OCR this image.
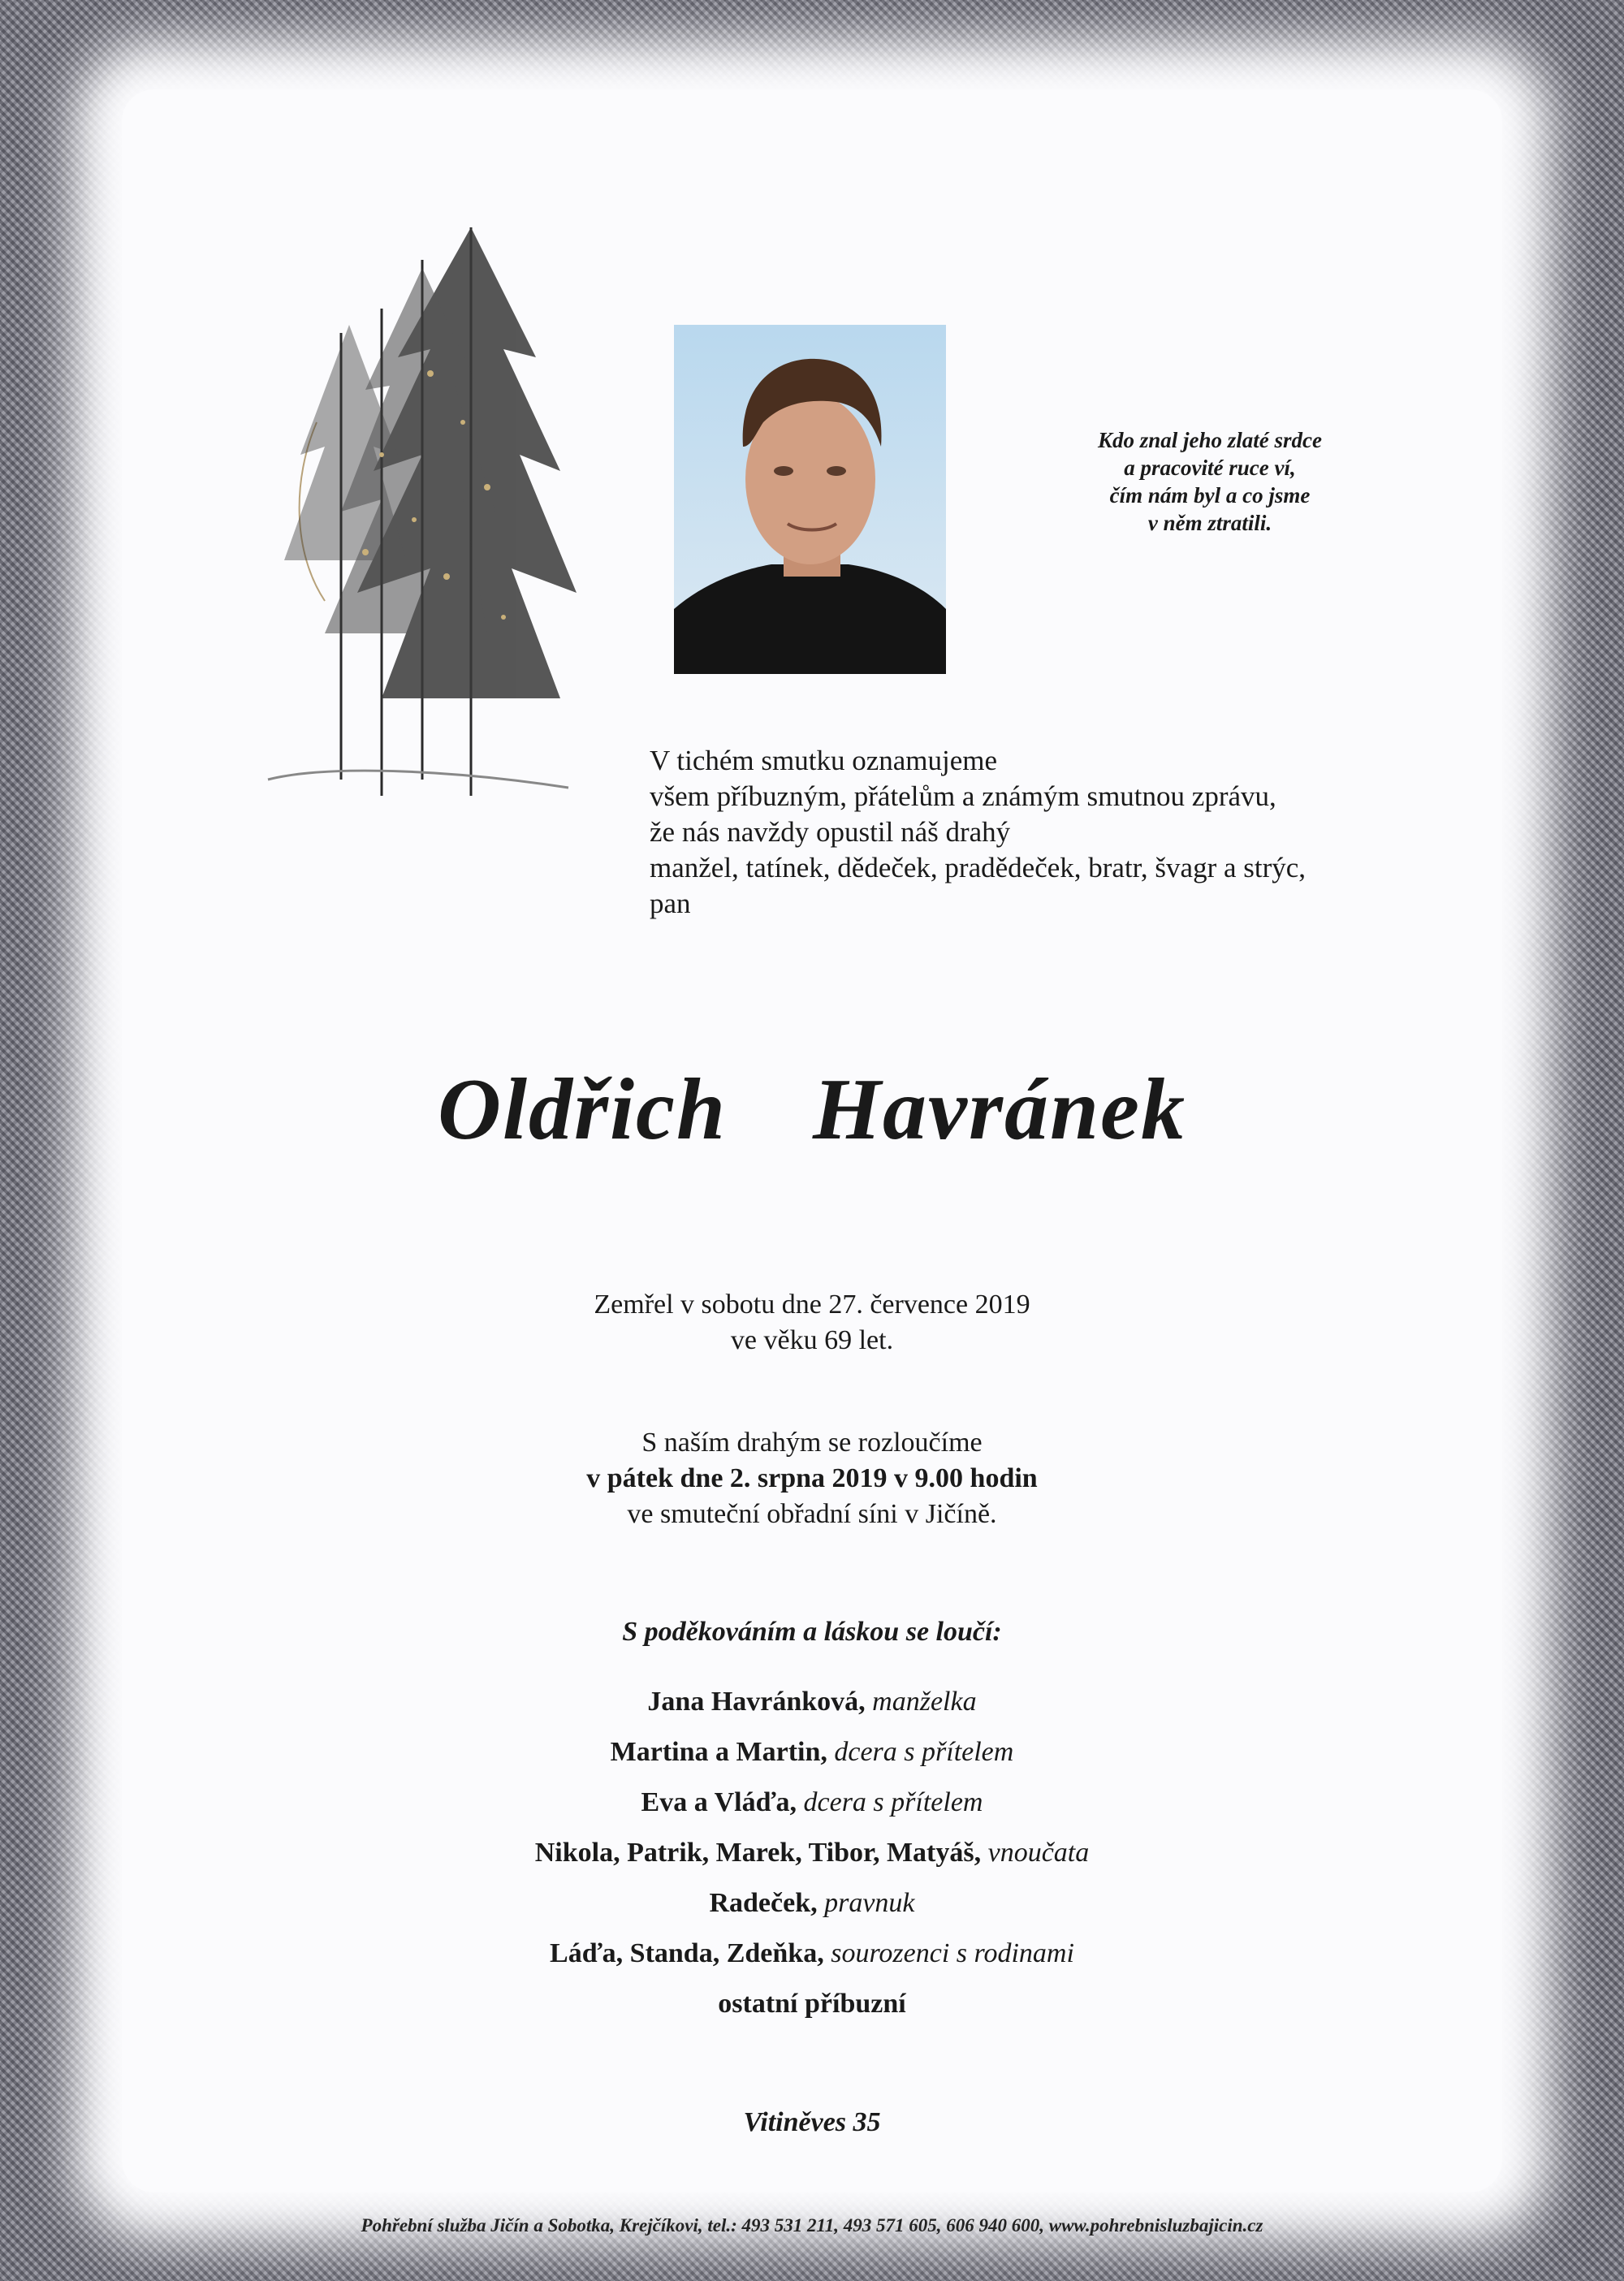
Kdo znal jeho zlaté srdce
a pracovité ruce ví,
čím nám byl a co jsme
v něm ztratili.
V tichém smutku oznamujeme
všem příbuzným, přátelům a známým smutnou zprávu,
že nás navždy opustil náš drahý
manžel, tatínek, dědeček, pradědeček, bratr, švagr a strýc,
pan
Oldřich  Havránek
Zemřel v sobotu dne 27. července 2019
ve věku 69 let.
S naším drahým se rozloučíme
v pátek dne 2. srpna 2019 v 9.00 hodin
ve smuteční obřadní síni v Jičíně.
S poděkováním a láskou se loučí:
Jana Havránková, manželka
Martina a Martin, dcera s přítelem
Eva a Vláďa, dcera s přítelem
Nikola, Patrik, Marek, Tibor, Matyáš, vnoučata
Radeček, pravnuk
Láďa, Standa, Zdeňka, sourozenci s rodinami
ostatní příbuzní
Vitiněves 35
Pohřební služba Jičín a Sobotka, Krejčíkovi, tel.: 493 531 211, 493 571 605, 606 940 600, www.pohrebnisluzbajicin.cz
